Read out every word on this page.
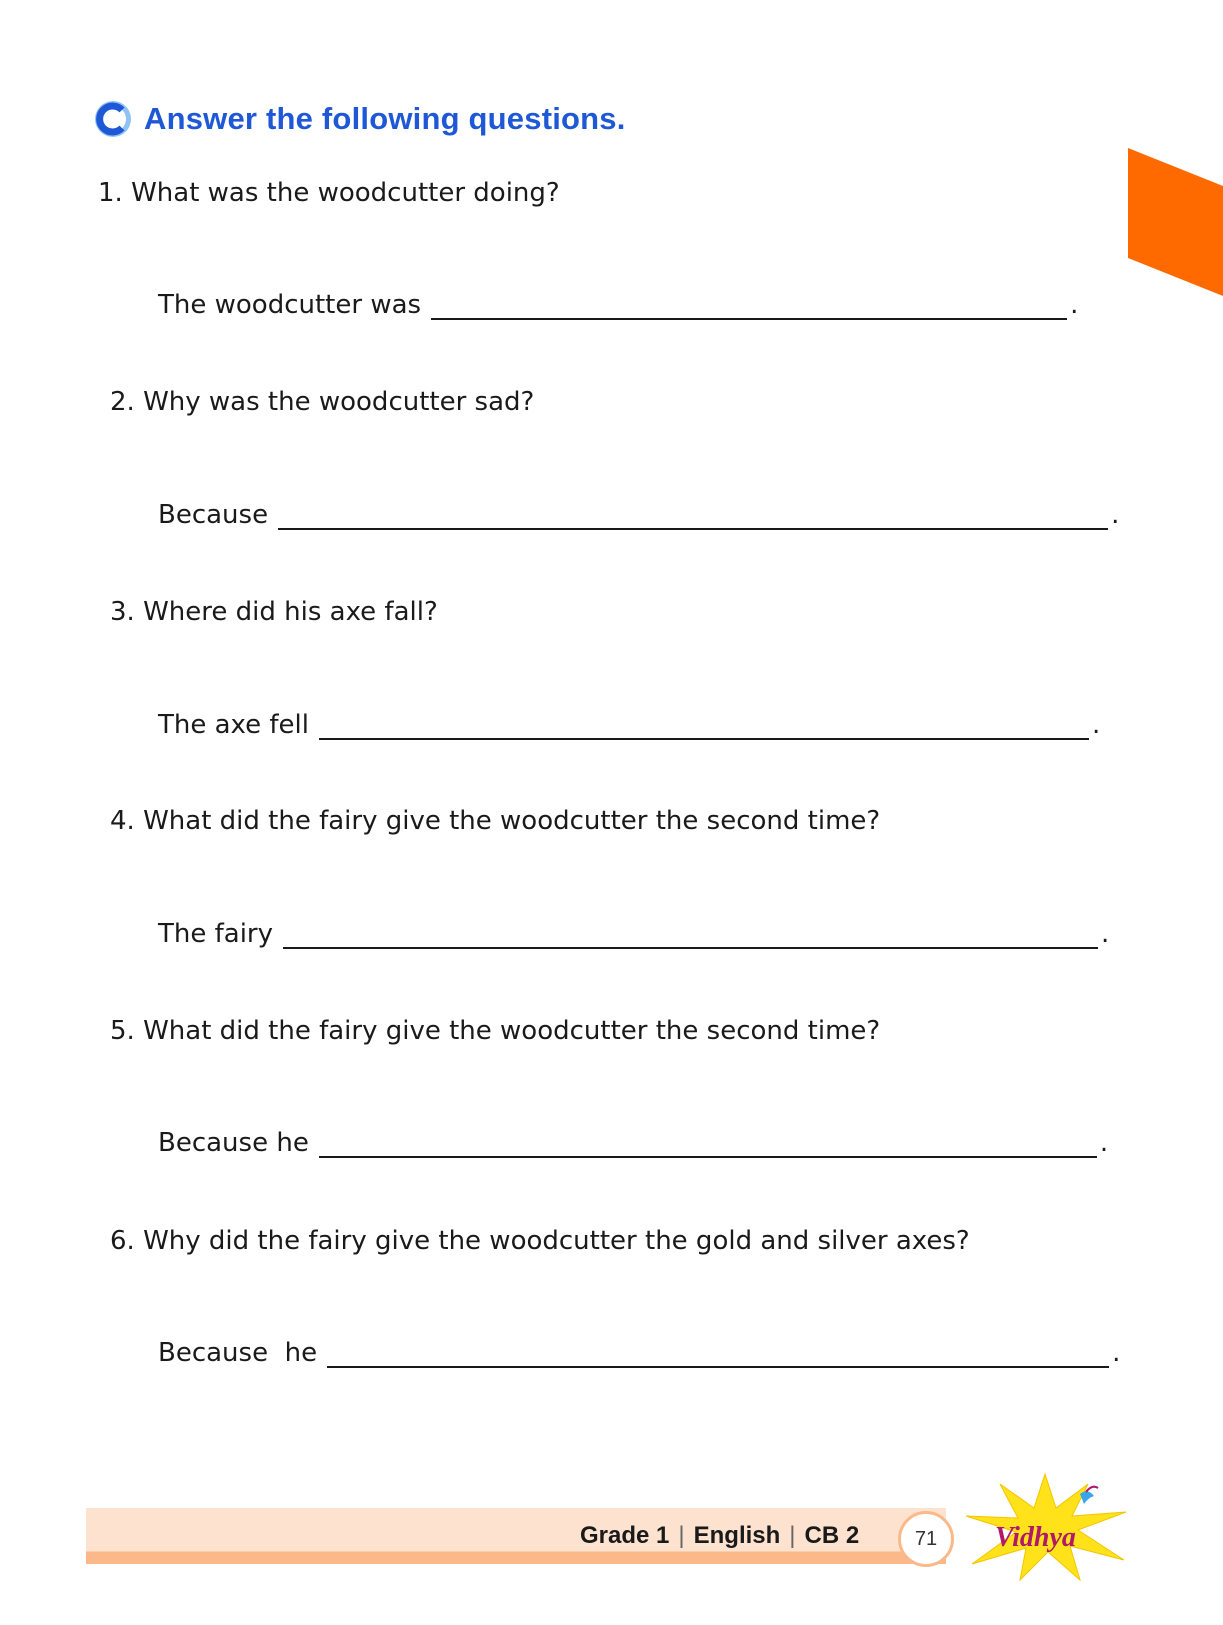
Answer the following questions.
1. What was the woodcutter doing?
The woodcutter was	.
2. Why was the woodcutter sad?
Because	.
3. Where did his axe fall?
The axe fell	.
4. What did the fairy give the woodcutter the second time?
The fairy	.
5. What did the fairy give the woodcutter the second time?
Because he	.
6. Why did the fairy give the woodcutter the gold and silver axes?
Because  he	.
Grade 1 | English | CB 2	71	Vidhya
